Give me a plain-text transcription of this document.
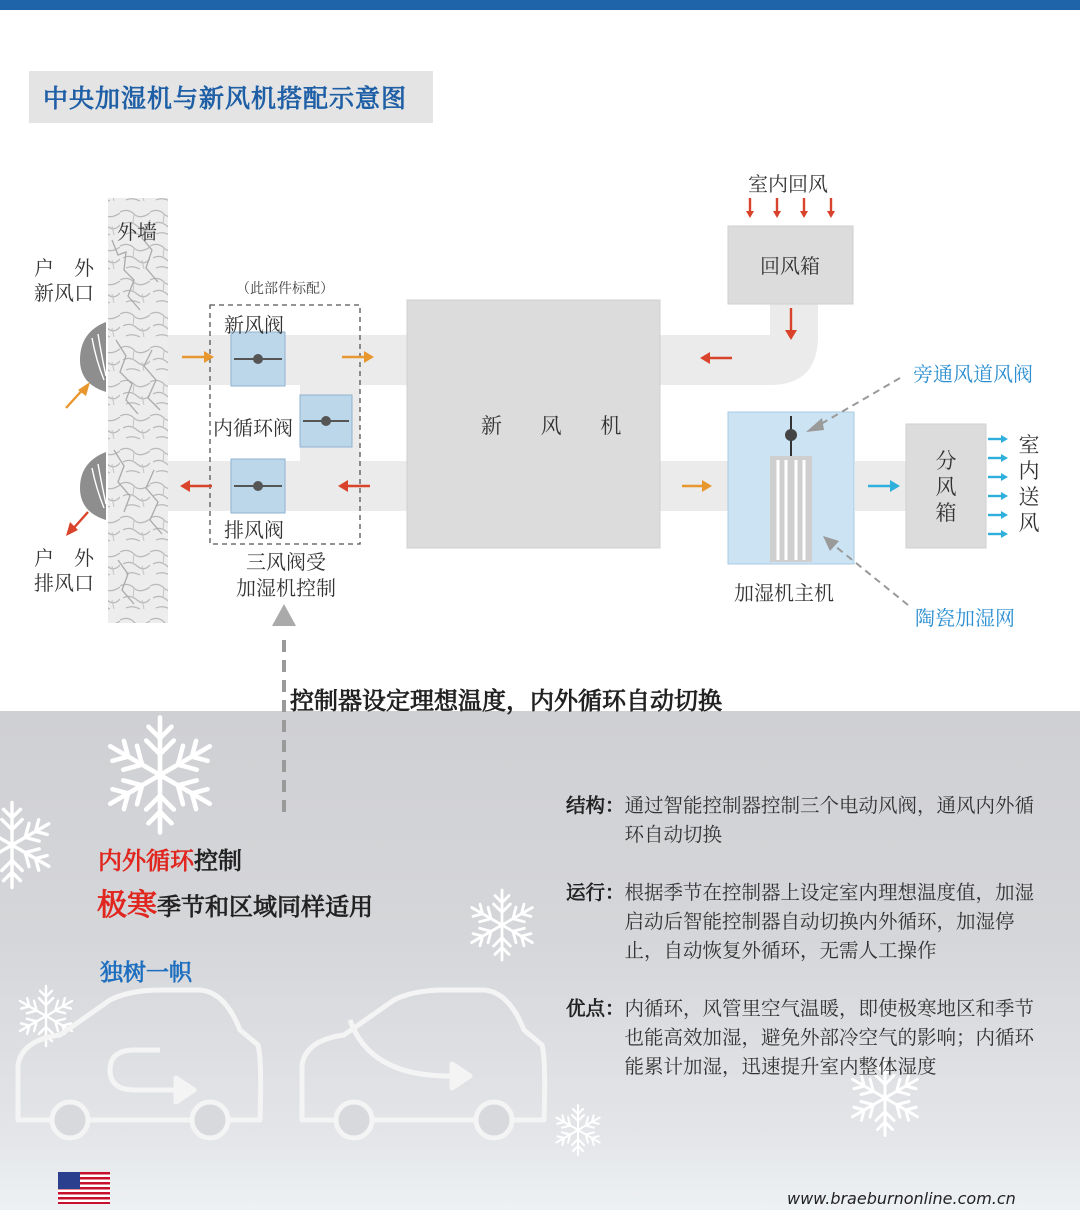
中央加湿机与新风机搭配示意图
外墙
户　外
新风口
户　外
排风口
（此部件标配）
新风阀
内循环阀
排风阀
三风阀受
加湿机控制
新 风 机
室内回风
回风箱
旁通风道风阀
分风箱
室内送风
加湿机主机
陶瓷加湿网
控制器设定理想温度，内外循环自动切换
内外循环控制
极寒季节和区域同样适用
独树一帜
结构： 通过智能控制器控制三个电动风阀，通风内外循环自动切换
运行： 根据季节在控制器上设定室内理想温度值，加湿启动后智能控制器自动切换内外循环，加湿停止，自动恢复外循环，无需人工操作
优点： 内循环，风管里空气温暖，即使极寒地区和季节也能高效加湿，避免外部冷空气的影响；内循环能累计加湿，迅速提升室内整体湿度
www.braeburnonline.com.cn
